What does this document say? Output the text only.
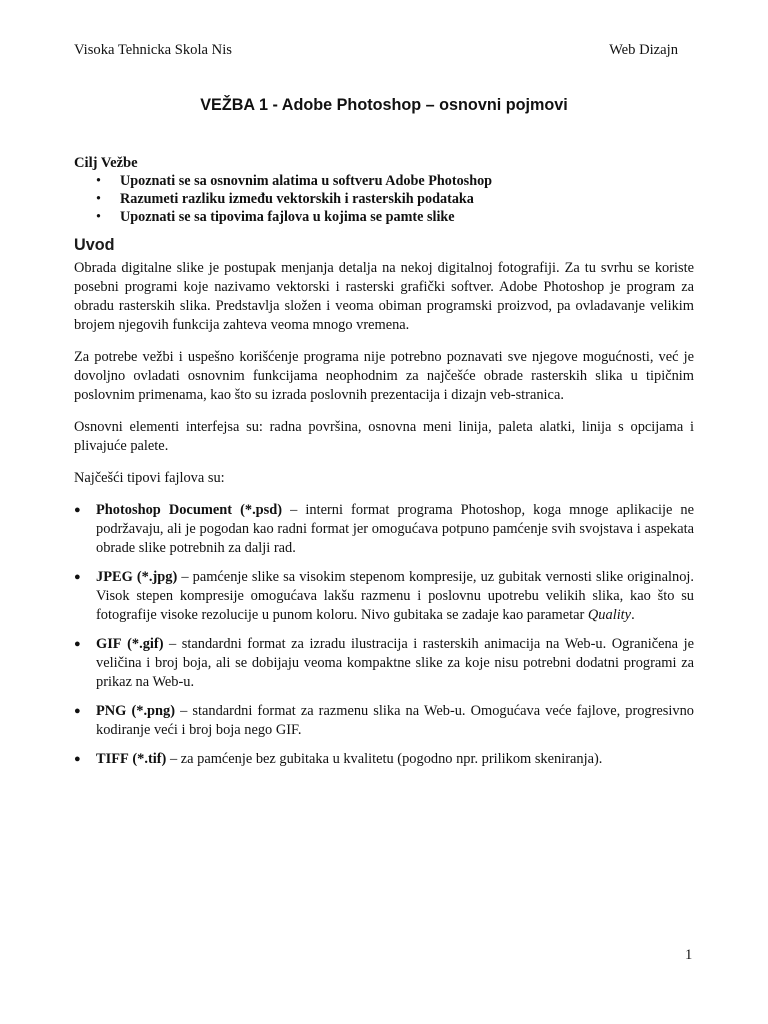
Visoka Tehnicka Skola Nis	Web Dizajn
VEŽBA 1 - Adobe Photoshop – osnovni pojmovi
Cilj Vežbe
• Upoznati se sa osnovnim alatima u softveru Adobe Photoshop
• Razumeti razliku između vektorskih i rasterskih podataka
• Upoznati se sa tipovima fajlova u kojima se pamte slike
Uvod

Obrada digitalne slike je postupak menjanja detalja na nekoj digitalnoj fotografiji. Za tu svrhu se koriste posebni programi koje nazivamo vektorski i rasterski grafički softver. Adobe Photoshop je program za obradu rasterskih slika. Predstavlja složen i veoma obiman programski proizvod, pa ovladavanje velikim brojem njegovih funkcija zahteva veoma mnogo vremena.

Za potrebe vežbi i uspešno korišćenje programa nije potrebno poznavati sve njegove mogućnosti, već je dovoljno ovladati osnovnim funkcijama neophodnim za najčešće obrade rasterskih slika u tipičnim poslovnim primenama, kao što su izrada poslovnih prezentacija i dizajn veb-stranica.

Osnovni elementi interfejsa su: radna površina, osnovna meni linija, paleta alatki, linija s opcijama i plivajuće palete.

Najčešći tipovi fajlova su:

● Photoshop Document (*.psd) – interni format programa Photoshop, koga mnoge aplikacije ne podržavaju, ali je pogodan kao radni format jer omogućava potpuno pamćenje svih svojstava i aspekata obrade slike potrebnih za dalji rad.
● JPEG (*.jpg) – pamćenje slike sa visokim stepenom kompresije, uz gubitak vernosti slike originalnoj. Visok stepen kompresije omogućava lakšu razmenu i poslovnu upotrebu velikih slika, kao što su fotografije visoke rezolucije u punom koloru. Nivo gubitaka se zadaje kao parametar Quality.
● GIF (*.gif) – standardni format za izradu ilustracija i rasterskih animacija na Web-u. Ograničena je veličina i broj boja, ali se dobijaju veoma kompaktne slike za koje nisu potrebni dodatni programi za prikaz na Web-u.
● PNG (*.png) – standardni format za razmenu slika na Web-u. Omogućava veće fajlove, progresivno kodiranje veći i broj boja nego GIF.
● TIFF (*.tif) – za pamćenje bez gubitaka u kvalitetu (pogodno npr. prilikom skeniranja).
1
